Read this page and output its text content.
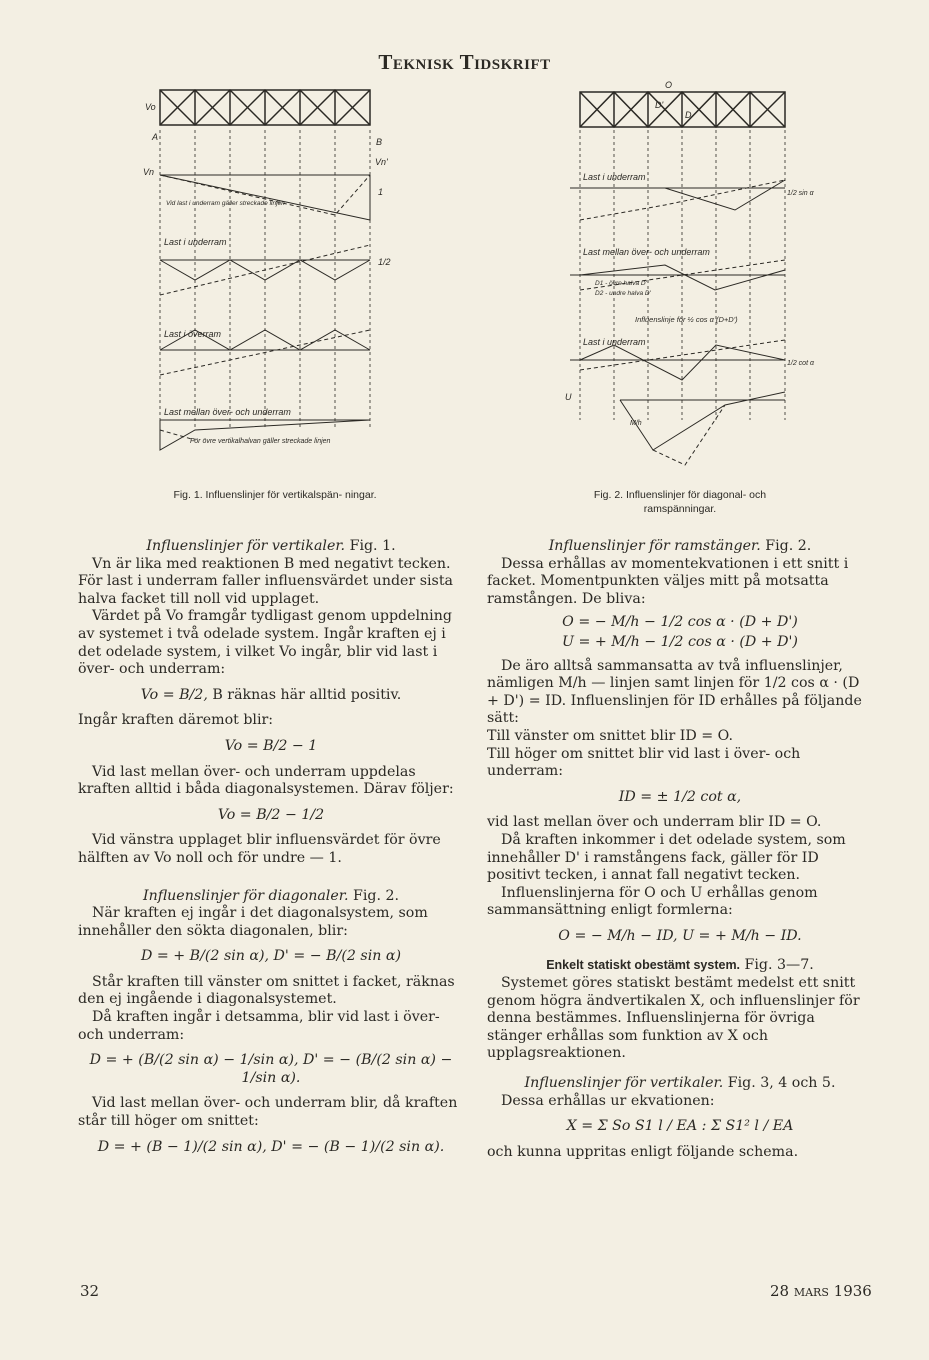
Teknisk Tidskrift
Vo
Vn
A	B
Vn'
Vid last i underram gäller streckade linjen
Last i underram
Last i överram
Last mellan över- och underram
För övre vertikalhalvan gäller streckade linjen
1
1/2
Fig. 1. Influenslinjer för vertikalspän- ningar.
O
D
D'
U
Last i underram
Last mellan över- och underram
D1 - övre halva D'
D2 - undre halva D'
Influenslinje för ½ cos α (D+D')
Last i underram
1/2 sin α
1/2 cot α
M/h
Fig. 2. Influenslinjer för diagonal- och ramspänningar.

Influenslinjer för vertikaler. Fig. 1.

Vn är lika med reaktionen B med negativt tecken. För last i underram faller influensvärdet under sista halva facket till noll vid upplaget.

Värdet på Vo framgår tydligast genom uppdelning av systemet i två odelade system. Ingår kraften ej i det odelade system, i vilket Vo ingår, blir vid last i över- och underram:

Vo = B/2, B räknas här alltid positiv.

Ingår kraften däremot blir:

Vo = B/2 − 1

Vid last mellan över- och underram uppdelas kraften alltid i båda diagonalsystemen. Därav följer:

Vo = B/2 − 1/2

Vid vänstra upplaget blir influensvärdet för övre hälften av Vo noll och för undre — 1.

Influenslinjer för diagonaler. Fig. 2.

När kraften ej ingår i det diagonalsystem, som innehåller den sökta diagonalen, blir:

D = + B/(2 sin α), D' = − B/(2 sin α)

Står kraften till vänster om snittet i facket, räknas den ej ingående i diagonalsystemet.

Då kraften ingår i detsamma, blir vid last i över- och underram:

D = + (B/(2 sin α) − 1/sin α), D' = − (B/(2 sin α) − 1/sin α).

Vid last mellan över- och underram blir, då kraften står till höger om snittet:

D = + (B − 1)/(2 sin α), D' = − (B − 1)/(2 sin α).

Influenslinjer för ramstänger. Fig. 2.

Dessa erhållas av momentekvationen i ett snitt i facket. Momentpunkten väljes mitt på motsatta ramstången. De bliva:

O = − M/h − 1/2 cos α · (D + D')

U = + M/h − 1/2 cos α · (D + D')

De äro alltså sammansatta av två influenslinjer, nämligen M/h — linjen samt linjen för 1/2 cos α · (D + D') = ID. Influenslinjen för ID erhålles på följande sätt:

Till vänster om snittet blir ID = O.

Till höger om snittet blir vid last i över- och underram:

ID = ± 1/2 cot α,

vid last mellan över och underram blir ID = O.

Då kraften inkommer i det odelade system, som innehåller D' i ramstångens fack, gäller för ID positivt tecken, i annat fall negativt tecken.

Influenslinjerna för O och U erhållas genom sammansättning enligt formlerna:

O = − M/h − ID, U = + M/h − ID.

Enkelt statiskt obestämt system. Fig. 3—7.

Systemet göres statiskt bestämt medelst ett snitt genom högra ändvertikalen X, och influenslinjer för denna bestämmes. Influenslinjerna för övriga stänger erhållas som funktion av X och upplagsreaktionen.

Influenslinjer för vertikaler. Fig. 3, 4 och 5.

Dessa erhållas ur ekvationen:

X = Σ So S1 l / EA : Σ S1² l / EA

och kunna uppritas enligt följande schema.

32	28 mars 1936
